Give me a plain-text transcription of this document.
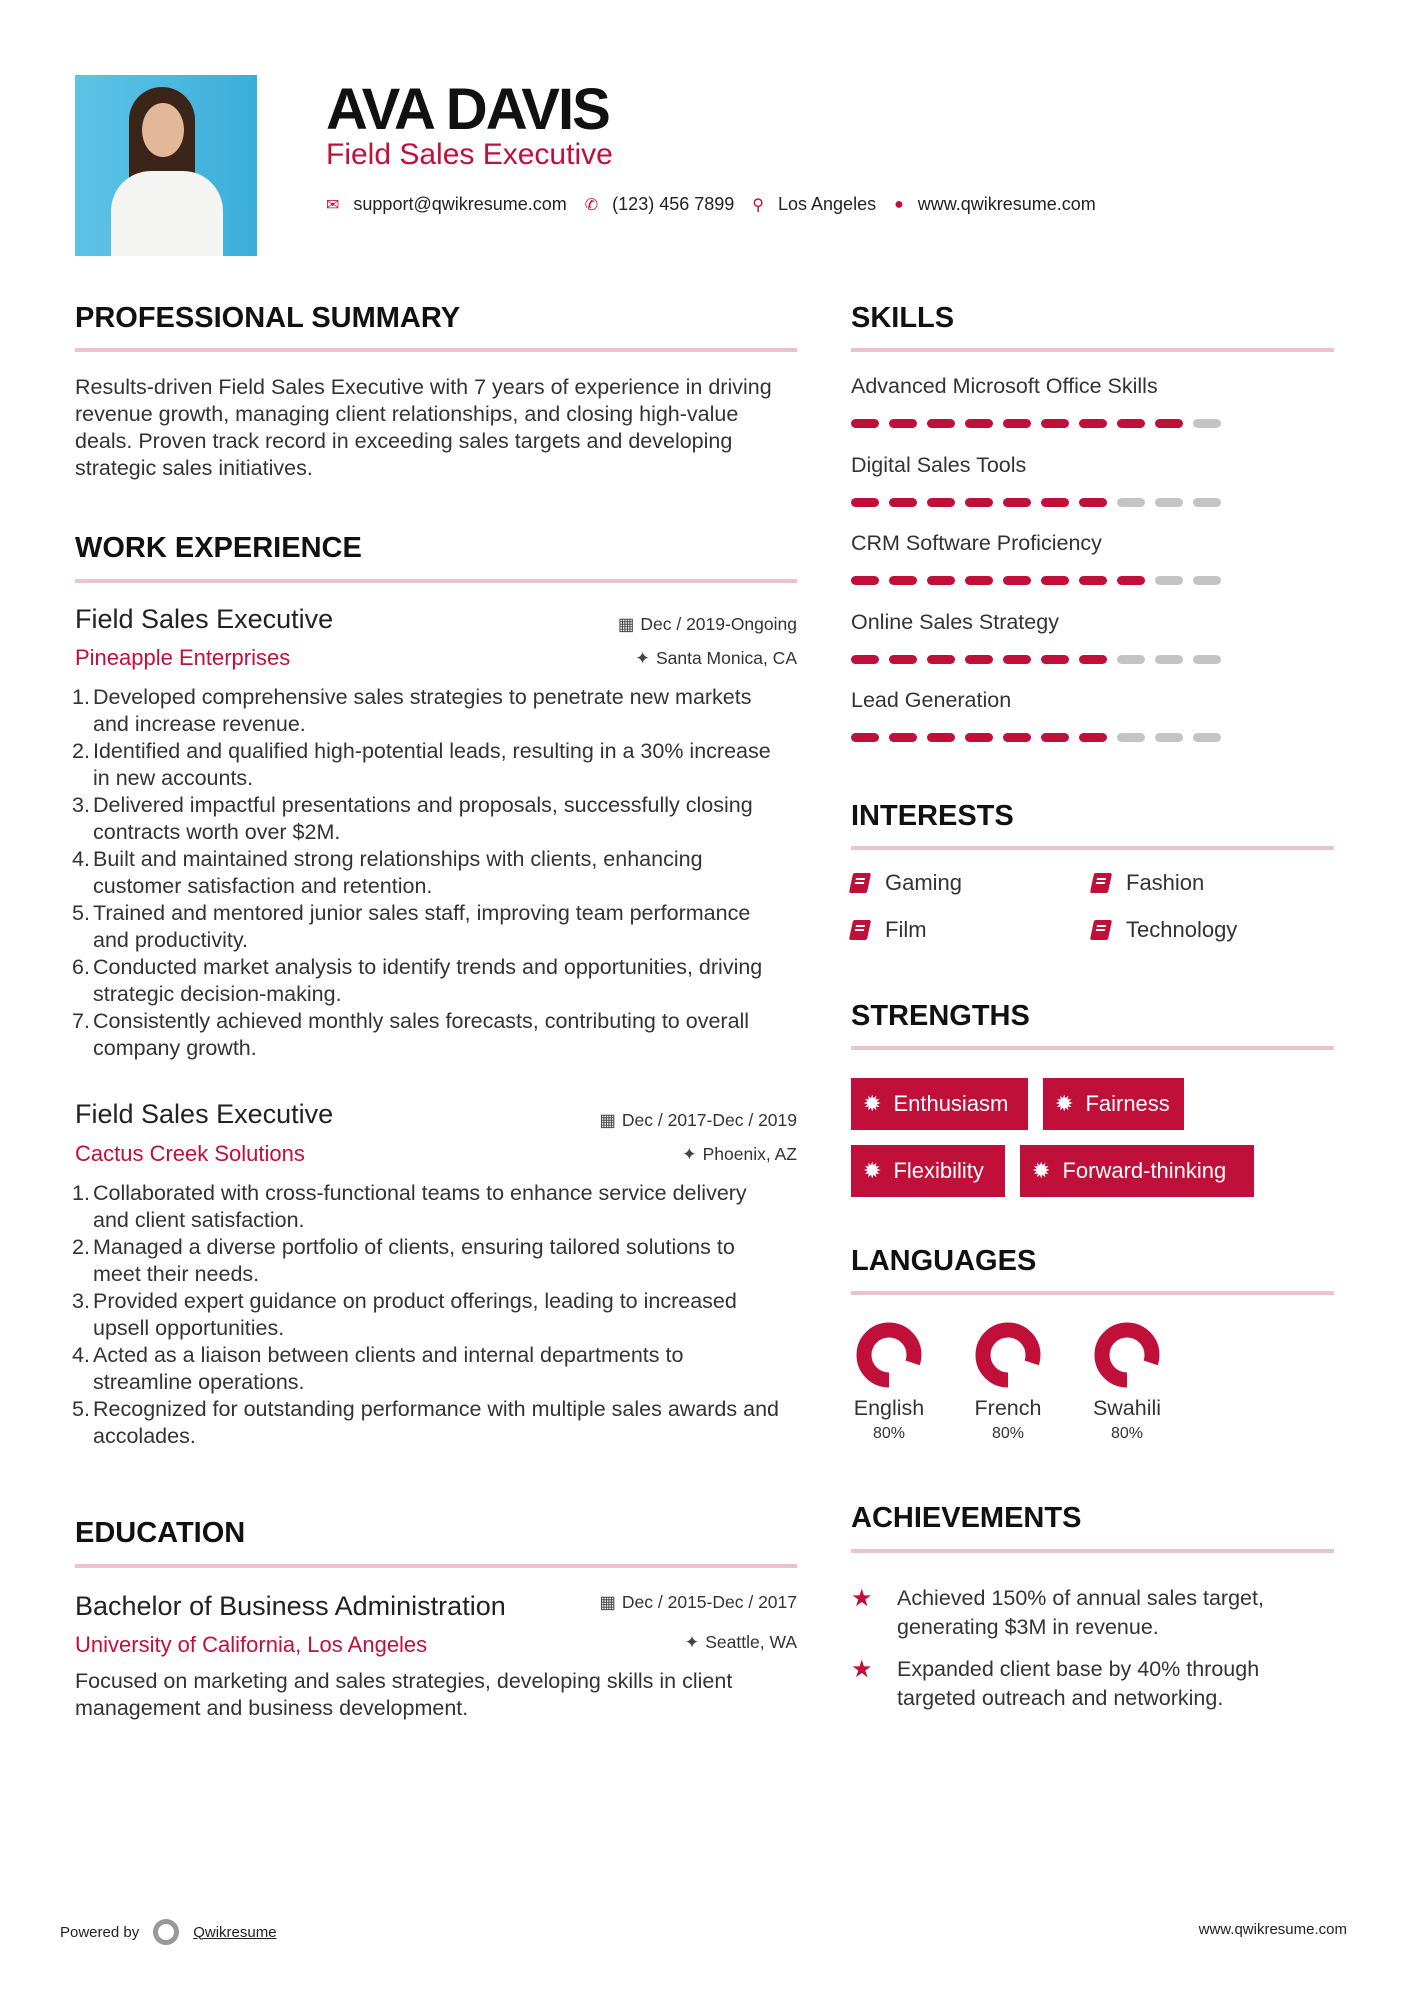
AVA DAVIS
Field Sales Executive
✉ support@qwikresume.com ✆ (123) 456 7899 ⚲ Los Angeles ● www.qwikresume.com
PROFESSIONAL SUMMARY
Results-driven Field Sales Executive with 7 years of experience in driving revenue growth, managing client relationships, and closing high-value deals. Proven track record in exceeding sales targets and developing strategic sales initiatives.
WORK EXPERIENCE
Field Sales Executive	▦ Dec / 2019-Ongoing
Pineapple Enterprises	✦ Santa Monica, CA
1. Developed comprehensive sales strategies to penetrate new markets and increase revenue.
2. Identified and qualified high-potential leads, resulting in a 30% increase in new accounts.
3. Delivered impactful presentations and proposals, successfully closing contracts worth over $2M.
4. Built and maintained strong relationships with clients, enhancing customer satisfaction and retention.
5. Trained and mentored junior sales staff, improving team performance and productivity.
6. Conducted market analysis to identify trends and opportunities, driving strategic decision-making.
7. Consistently achieved monthly sales forecasts, contributing to overall company growth.
Field Sales Executive	▦ Dec / 2017-Dec / 2019
Cactus Creek Solutions	✦ Phoenix, AZ
1. Collaborated with cross-functional teams to enhance service delivery and client satisfaction.
2. Managed a diverse portfolio of clients, ensuring tailored solutions to meet their needs.
3. Provided expert guidance on product offerings, leading to increased upsell opportunities.
4. Acted as a liaison between clients and internal departments to streamline operations.
5. Recognized for outstanding performance with multiple sales awards and accolades.
EDUCATION
Bachelor of Business Administration	▦ Dec / 2015-Dec / 2017
University of California, Los Angeles	✦ Seattle, WA
Focused on marketing and sales strategies, developing skills in client management and business development.
SKILLS
Advanced Microsoft Office Skills
Digital Sales Tools
CRM Software Proficiency
Online Sales Strategy
Lead Generation
INTERESTS
Gaming	Fashion
Film	Technology
STRENGTHS
✹ Enthusiasm ✹ Fairness
✹ Flexibility ✹ Forward-thinking
LANGUAGES
English
80%
French
80%
Swahili
80%
ACHIEVEMENTS
★	Achieved 150% of annual sales target, generating $3M in revenue.
★	Expanded client base by 40% through targeted outreach and networking.
Powered by	Qwikresume	www.qwikresume.com
